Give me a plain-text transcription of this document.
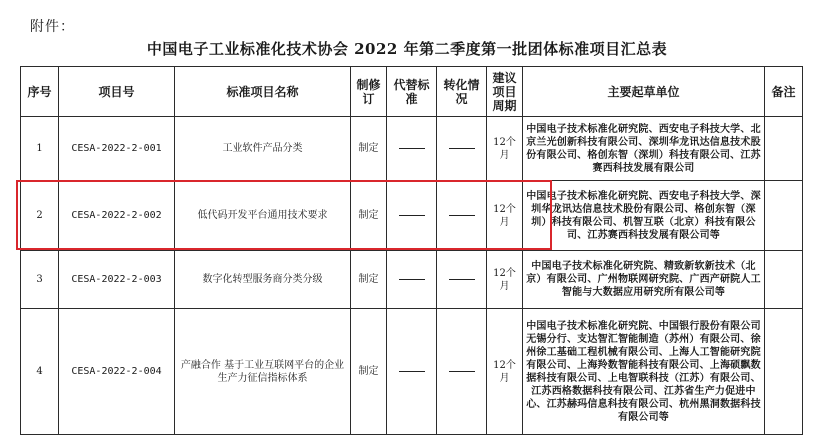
附件：
中国电子工业标准化技术协会 2022 年第二季度第一批团体标准项目汇总表
序号	项目号	标准项目名称	制修订	代替标准	转化情况	建议项目周期	主要起草单位	备注
1	CESA-2022-2-001	工业软件产品分类	制定			12个月	中国电子技术标准化研究院、西安电子科技大学、北京兰光创新科技有限公司、深圳华龙讯达信息技术股份有限公司、格创东智（深圳）科技有限公司、江苏赛西科技发展有限公司	
2	CESA-2022-2-002	低代码开发平台通用技术要求	制定			12个月	中国电子技术标准化研究院、西安电子科技大学、深圳华龙讯达信息技术股份有限公司、格创东智（深圳）科技有限公司、机智互联（北京）科技有限公司、江苏赛西科技发展有限公司等	
3	CESA-2022-2-003	数字化转型服务商分类分级	制定			12个月	中国电子技术标准化研究院、精致新软新技术（北京）有限公司、广州物联网研究院、广西产研院人工智能与大数据应用研究所有限公司等	
4	CESA-2022-2-004	产融合作 基于工业互联网平台的企业生产力征信指标体系	制定			12个月	中国电子技术标准化研究院、中国银行股份有限公司无锡分行、支达智汇智能制造（苏州）有限公司、徐州徐工基础工程机械有限公司、上海人工智能研究院有限公司、上海羚数智能科技有限公司、上海硕飘数据科技有限公司、上电智联科技（江苏）有限公司、江苏西格数据科技有限公司、江苏省生产力促进中心、江苏赫玛信息科技有限公司、杭州黑洞数据科技有限公司等	
